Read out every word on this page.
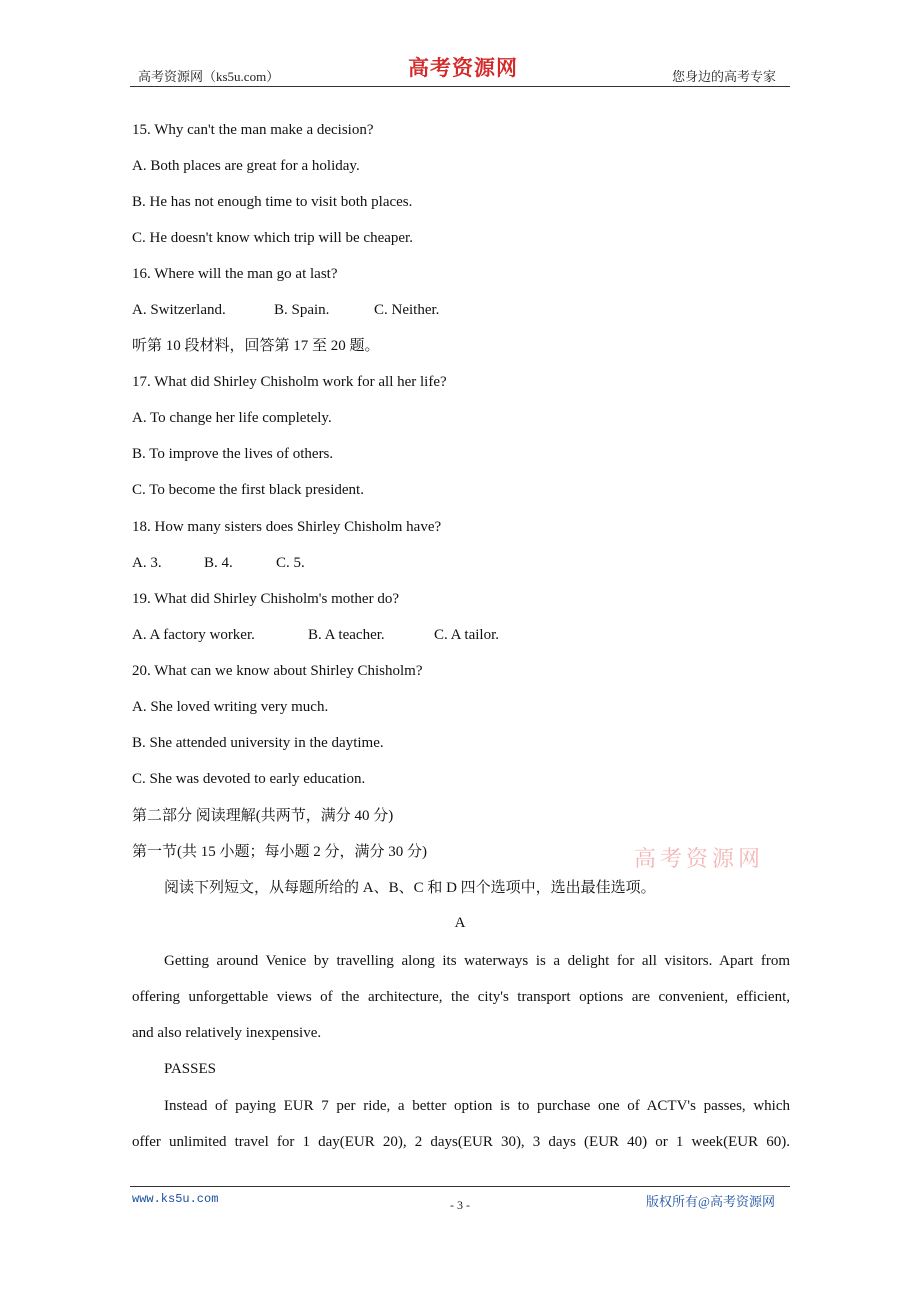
高考资源网（ks5u.com）	高考资源网	您身边的高考专家
15. Why can't the man make a decision?
A. Both places are great for a holiday.
B. He has not enough time to visit both places.
C. He doesn't know which trip will be cheaper.
16. Where will the man go at last?
A. Switzerland.	B. Spain.	C. Neither.
听第 10 段材料，回答第 17 至 20 题。
17. What did Shirley Chisholm work for all her life?
A. To change her life completely.
B. To improve the lives of others.
C. To become the first black president.
18. How many sisters does Shirley Chisholm have?
A. 3.	B. 4.	C. 5.
19. What did Shirley Chisholm's mother do?
A. A factory worker.	B. A teacher.	C. A tailor.
20. What can we know about Shirley Chisholm?
A. She loved writing very much.
B. She attended university in the daytime.
C. She was devoted to early education.
第二部分 阅读理解(共两节，满分 40 分)
第一节(共 15 小题；每小题 2 分，满分 30 分)	高考资源网
阅读下列短文，从每题所给的 A、B、C 和 D 四个选项中，选出最佳选项。
A
Getting around Venice by travelling along its waterways is a delight for all visitors. Apart from
offering unforgettable views of the architecture, the city's transport options are convenient, efficient,
and also relatively inexpensive.
PASSES
Instead of paying EUR 7 per ride, a better option is to purchase one of ACTV's passes, which
offer unlimited travel for 1 day(EUR 20), 2 days(EUR 30), 3 days (EUR 40) or 1 week(EUR 60).
www.ks5u.com	- 3 -	版权所有@高考资源网
